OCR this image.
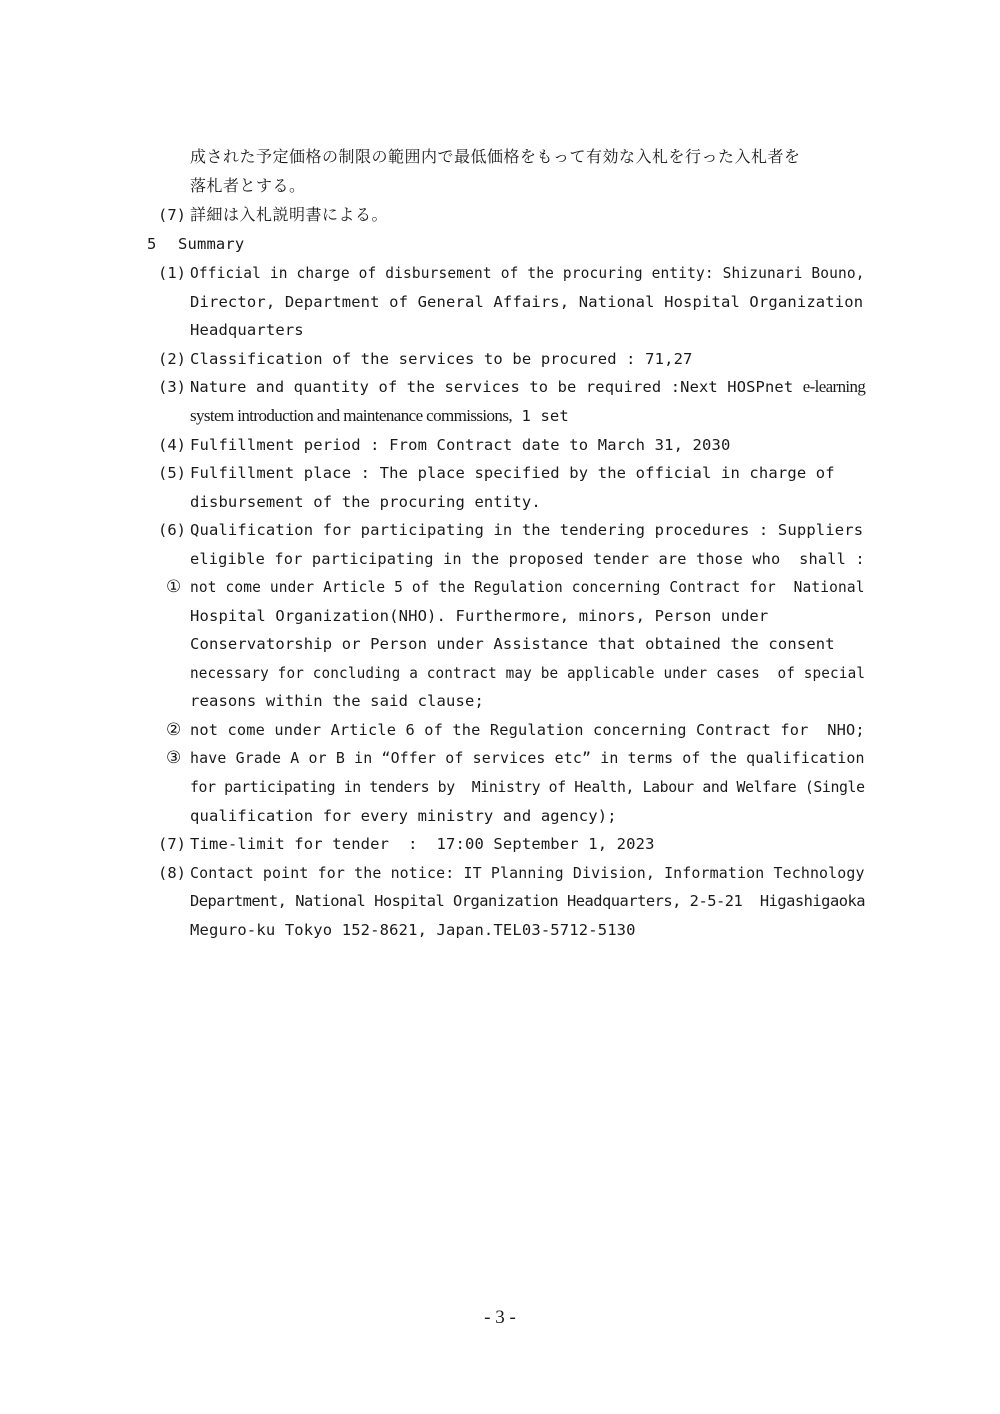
成された予定価格の制限の範囲内で最低価格をもって有効な入札を行った入札者を
落札者とする。
(7) 詳細は入札説明書による。
5 Summary
(1) Official in charge of disbursement of the procuring entity: Shizunari Bouno,
Director, Department of General Affairs, National Hospital Organization
Headquarters
(2) Classification of the services to be procured : 71,27
(3) Nature and quantity of the services to be required :Next HOSPnet e-learning
system introduction and maintenance commissions, 1 set
(4) Fulfillment period : From Contract date to March 31, 2030
(5) Fulfillment place : The place specified by the official in charge of
disbursement of the procuring entity.
(6) Qualification for participating in the tendering procedures : Suppliers
eligible for participating in the proposed tender are those who  shall :
① not come under Article 5 of the Regulation concerning Contract for  National
Hospital Organization(NHO). Furthermore, minors, Person under
Conservatorship or Person under Assistance that obtained the consent
necessary for concluding a contract may be applicable under cases  of special
reasons within the said clause;
② not come under Article 6 of the Regulation concerning Contract for  NHO;
③ have Grade A or B in “Offer of services etc” in terms of the qualification
for participating in tenders by  Ministry of Health, Labour and Welfare (Single
qualification for every ministry and agency);
(7) Time-limit for tender  :  17:00 September 1, 2023
(8) Contact point for the notice: IT Planning Division, Information Technology
Department, National Hospital Organization Headquarters, 2-5-21  Higashigaoka
Meguro-ku Tokyo 152-8621, Japan.TEL03-5712-5130
- 3 -
